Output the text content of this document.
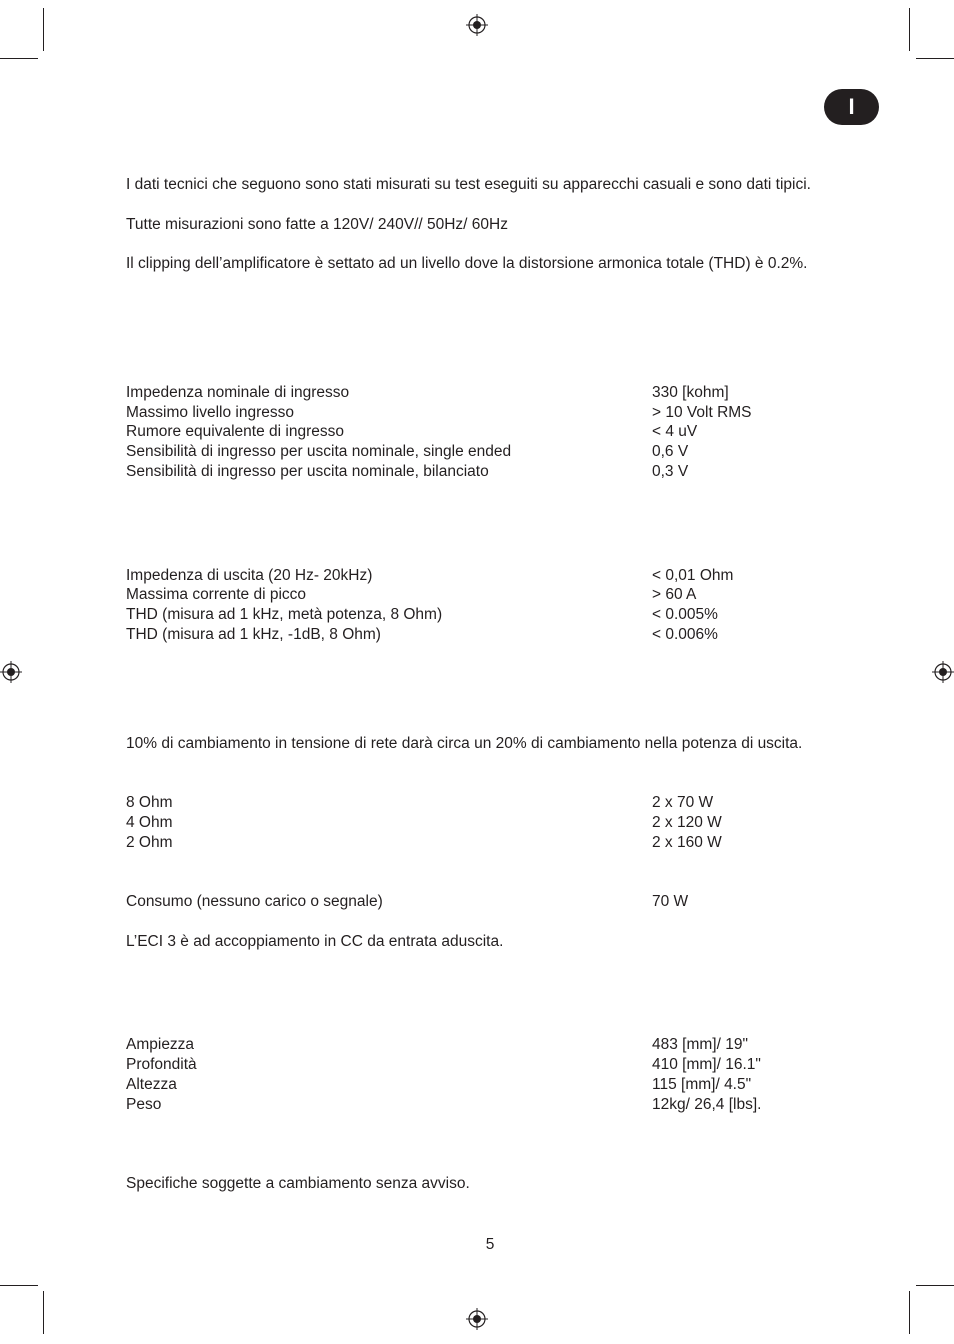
I

I dati tecnici che seguono sono stati misurati su test eseguiti su apparecchi casuali e sono dati tipici.

Tutte misurazioni sono fatte a 120V/ 240V// 50Hz/ 60Hz

Il clipping dell’amplificatore è settato ad un livello dove la distorsione armonica totale (THD) è 0.2%.

Impedenza nominale di ingresso	330 [kohm]
Massimo livello ingresso	> 10 Volt RMS
Rumore equivalente di ingresso	< 4 uV
Sensibilità di ingresso per uscita nominale, single ended	0,6 V
Sensibilità di ingresso per uscita nominale, bilanciato	0,3 V
Impedenza di uscita (20 Hz- 20kHz)	< 0,01 Ohm
Massima corrente di picco	> 60 A
THD (misura ad 1 kHz, metà potenza, 8 Ohm)	< 0.005%
THD (misura ad 1 kHz, -1dB, 8 Ohm)	< 0.006%

10% di cambiamento in tensione di rete darà circa un 20% di cambiamento nella potenza di uscita.

8 Ohm	2 x 70 W
4 Ohm	2 x 120 W
2 Ohm	2 x 160 W
Consumo (nessuno carico o segnale)	70 W

L’ECI 3 è ad accoppiamento in CC da entrata aduscita.

Ampiezza	483 [mm]/ 19"
Profondità	410 [mm]/ 16.1"
Altezza	115 [mm]/ 4.5"
Peso	12kg/ 26,4 [lbs].

Specifiche soggette a cambiamento senza avviso.

5
